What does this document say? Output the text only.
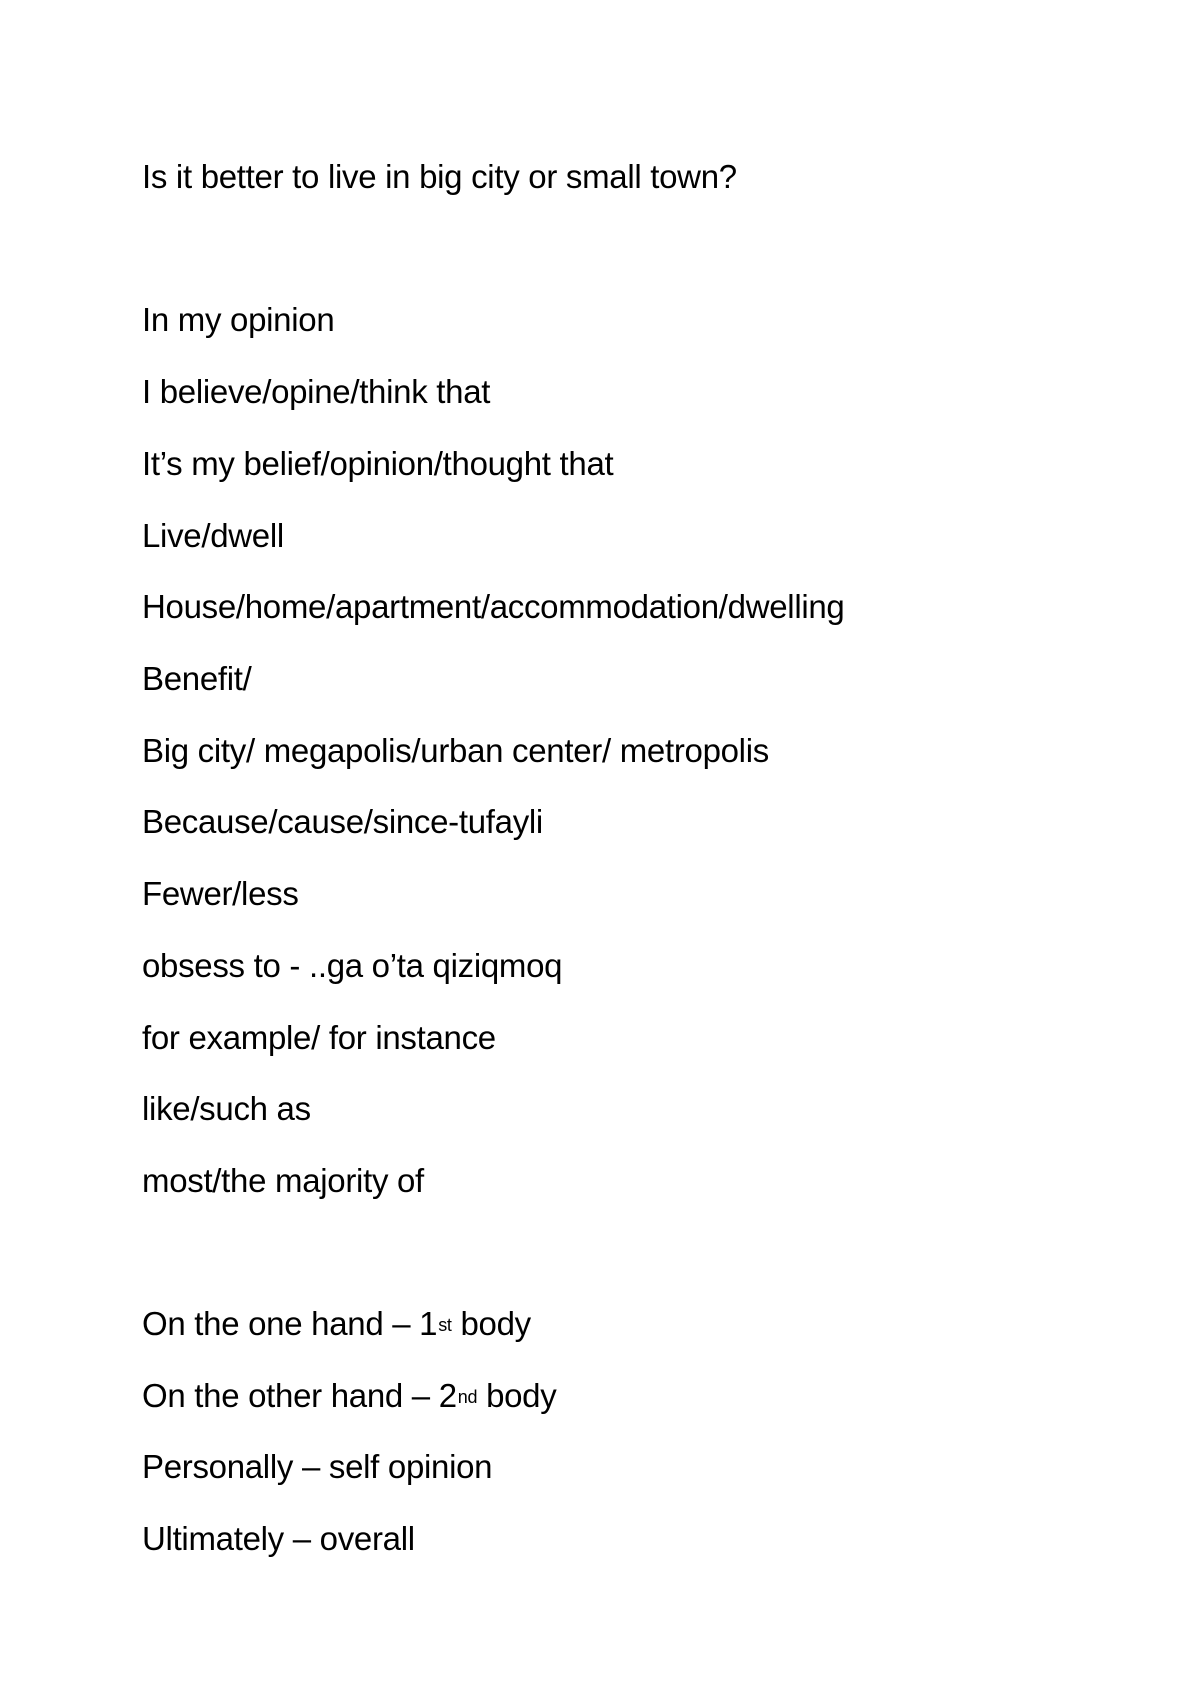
Is it better to live in big city or small town?
In my opinion
I believe/opine/think that
It’s my belief/opinion/thought that
Live/dwell
House/home/apartment/accommodation/dwelling
Benefit/
Big city/ megapolis/urban center/ metropolis
Because/cause/since-tufayli
Fewer/less
obsess to - ..ga o’ta qiziqmoq
for example/ for instance
like/such as
most/the majority of
On the one hand – 1st body
On the other hand – 2nd body
Personally – self opinion
Ultimately – overall
